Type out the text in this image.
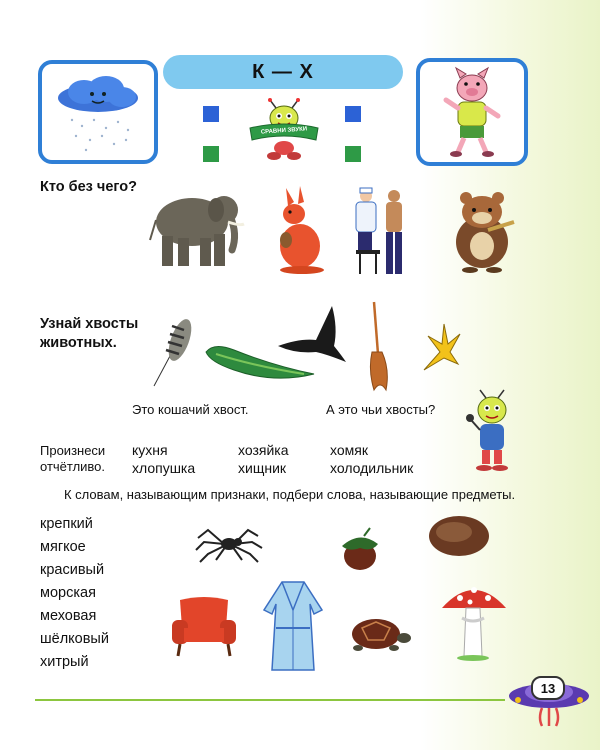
К — Х
СРАВНИ ЗВУКИ
Кто без чего?
Узнай хвосты
животных.
Это кошачий хвост.	А это чьи хвосты?
Произнеси
отчётливо.
кухня
хлопушка
хозяйка
хищник
хомяк
холодильник
К словам, называющим признаки, подбери слова, называющие предметы.
крепкий
мягкое
красивый
морская
меховая
шёлковый
хитрый
13
